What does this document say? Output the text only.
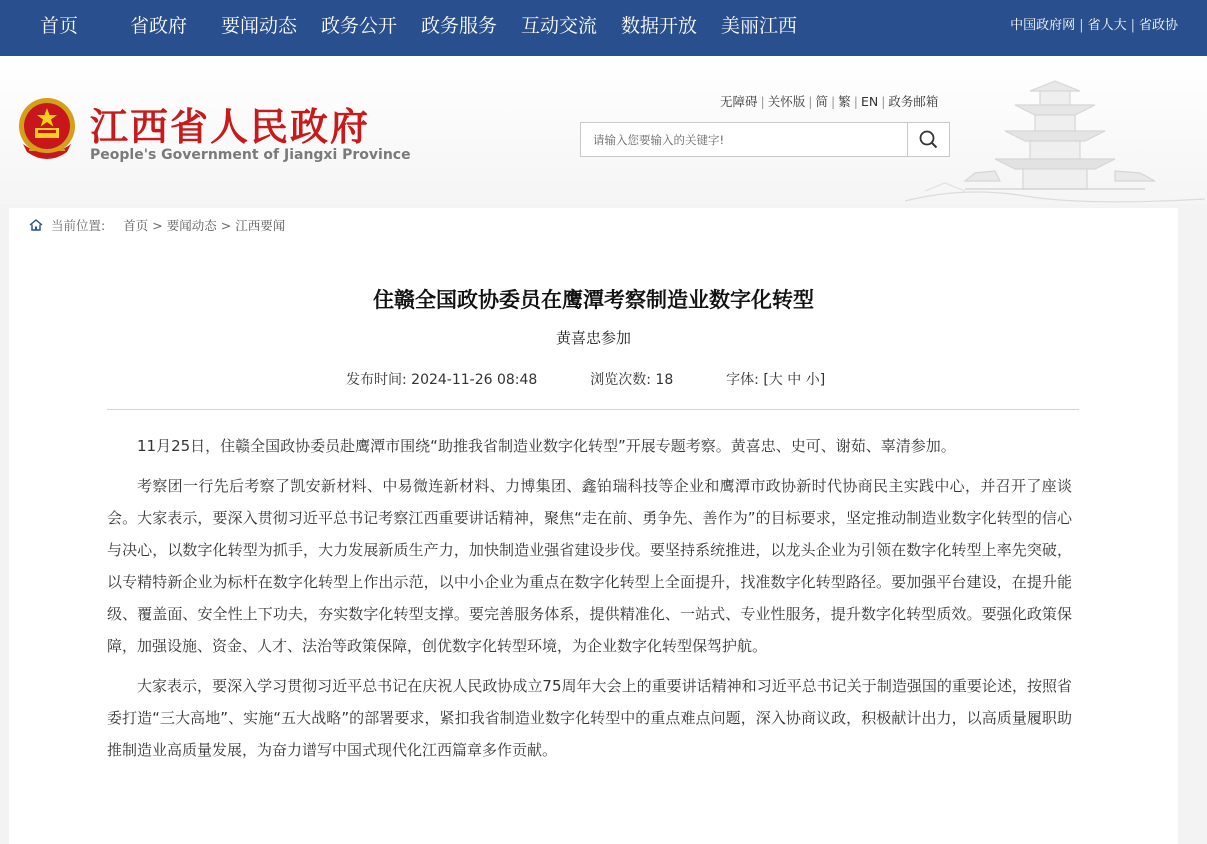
首页	省政府 要闻动态 政务公开 政务服务 互动交流 数据开放 美丽江西	中国政府网 | 省人大 | 省政协
江西省人民政府
People's Government of Jiangxi Province
无障碍 | 关怀版 | 简 | 繁 | EN | 政务邮箱
请输入您要输入的关键字!
当前位置: 首页 > 要闻动态 > 江西要闻
住赣全国政协委员在鹰潭考察制造业数字化转型
黄喜忠参加
发布时间: 2024-11-26 08:48	浏览次数: 18	字体: [大 中 小]

11月25日，住赣全国政协委员赴鹰潭市围绕“助推我省制造业数字化转型”开展专题考察。黄喜忠、史可、谢茹、辜清参加。

考察团一行先后考察了凯安新材料、中易微连新材料、力博集团、鑫铂瑞科技等企业和鹰潭市政协新时代协商民主实践中心，并召开了座谈会。大家表示，要深入贯彻习近平总书记考察江西重要讲话精神，聚焦“走在前、勇争先、善作为”的目标要求，坚定推动制造业数字化转型的信心与决心，以数字化转型为抓手，大力发展新质生产力，加快制造业强省建设步伐。要坚持系统推进，以龙头企业为引领在数字化转型上率先突破，以专精特新企业为标杆在数字化转型上作出示范，以中小企业为重点在数字化转型上全面提升，找准数字化转型路径。要加强平台建设，在提升能级、覆盖面、安全性上下功夫，夯实数字化转型支撑。要完善服务体系，提供精准化、一站式、专业性服务，提升数字化转型质效。要强化政策保障，加强设施、资金、人才、法治等政策保障，创优数字化转型环境，为企业数字化转型保驾护航。

大家表示，要深入学习贯彻习近平总书记在庆祝人民政协成立75周年大会上的重要讲话精神和习近平总书记关于制造强国的重要论述，按照省委打造“三大高地”、实施“五大战略”的部署要求，紧扣我省制造业数字化转型中的重点难点问题，深入协商议政，积极献计出力，以高质量履职助推制造业高质量发展，为奋力谱写中国式现代化江西篇章多作贡献。
